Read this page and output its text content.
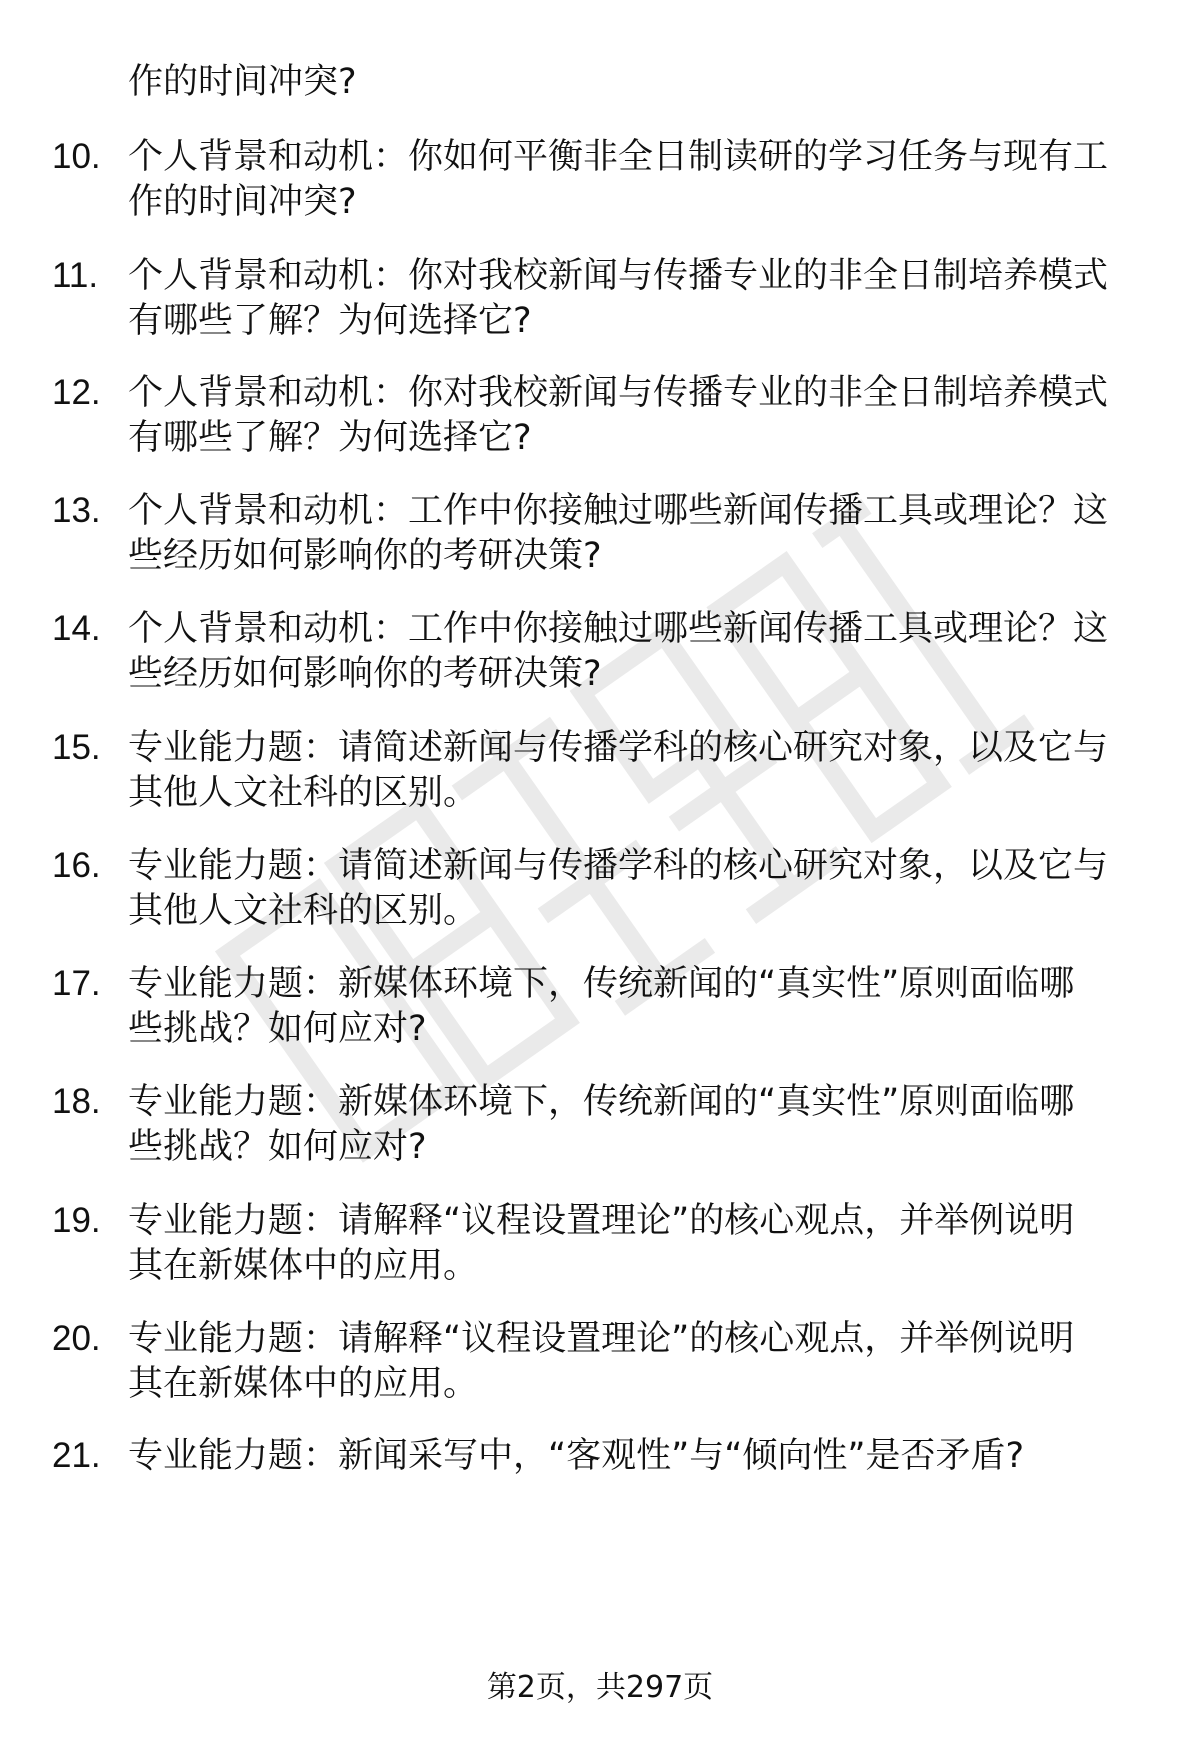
作的时间冲突?
10. 个人背景和动机：你如何平衡非全日制读研的学习任务与现有工
作的时间冲突?
11. 个人背景和动机：你对我校新闻与传播专业的非全日制培养模式
有哪些了解？为何选择它?
12. 个人背景和动机：你对我校新闻与传播专业的非全日制培养模式
有哪些了解？为何选择它?
13. 个人背景和动机：工作中你接触过哪些新闻传播工具或理论？这
些经历如何影响你的考研决策?
14. 个人背景和动机：工作中你接触过哪些新闻传播工具或理论？这
些经历如何影响你的考研决策?
15. 专业能力题：请简述新闻与传播学科的核心研究对象，以及它与
其他人文社科的区别。
16. 专业能力题：请简述新闻与传播学科的核心研究对象，以及它与
其他人文社科的区别。
17. 专业能力题：新媒体环境下，传统新闻的“真实性”原则面临哪
些挑战？如何应对?
18. 专业能力题：新媒体环境下，传统新闻的“真实性”原则面临哪
些挑战？如何应对?
19. 专业能力题：请解释“议程设置理论”的核心观点，并举例说明
其在新媒体中的应用。
20. 专业能力题：请解释“议程设置理论”的核心观点，并举例说明
其在新媒体中的应用。
21. 专业能力题：新闻采写中，“客观性”与“倾向性”是否矛盾?
第2页，共297页
